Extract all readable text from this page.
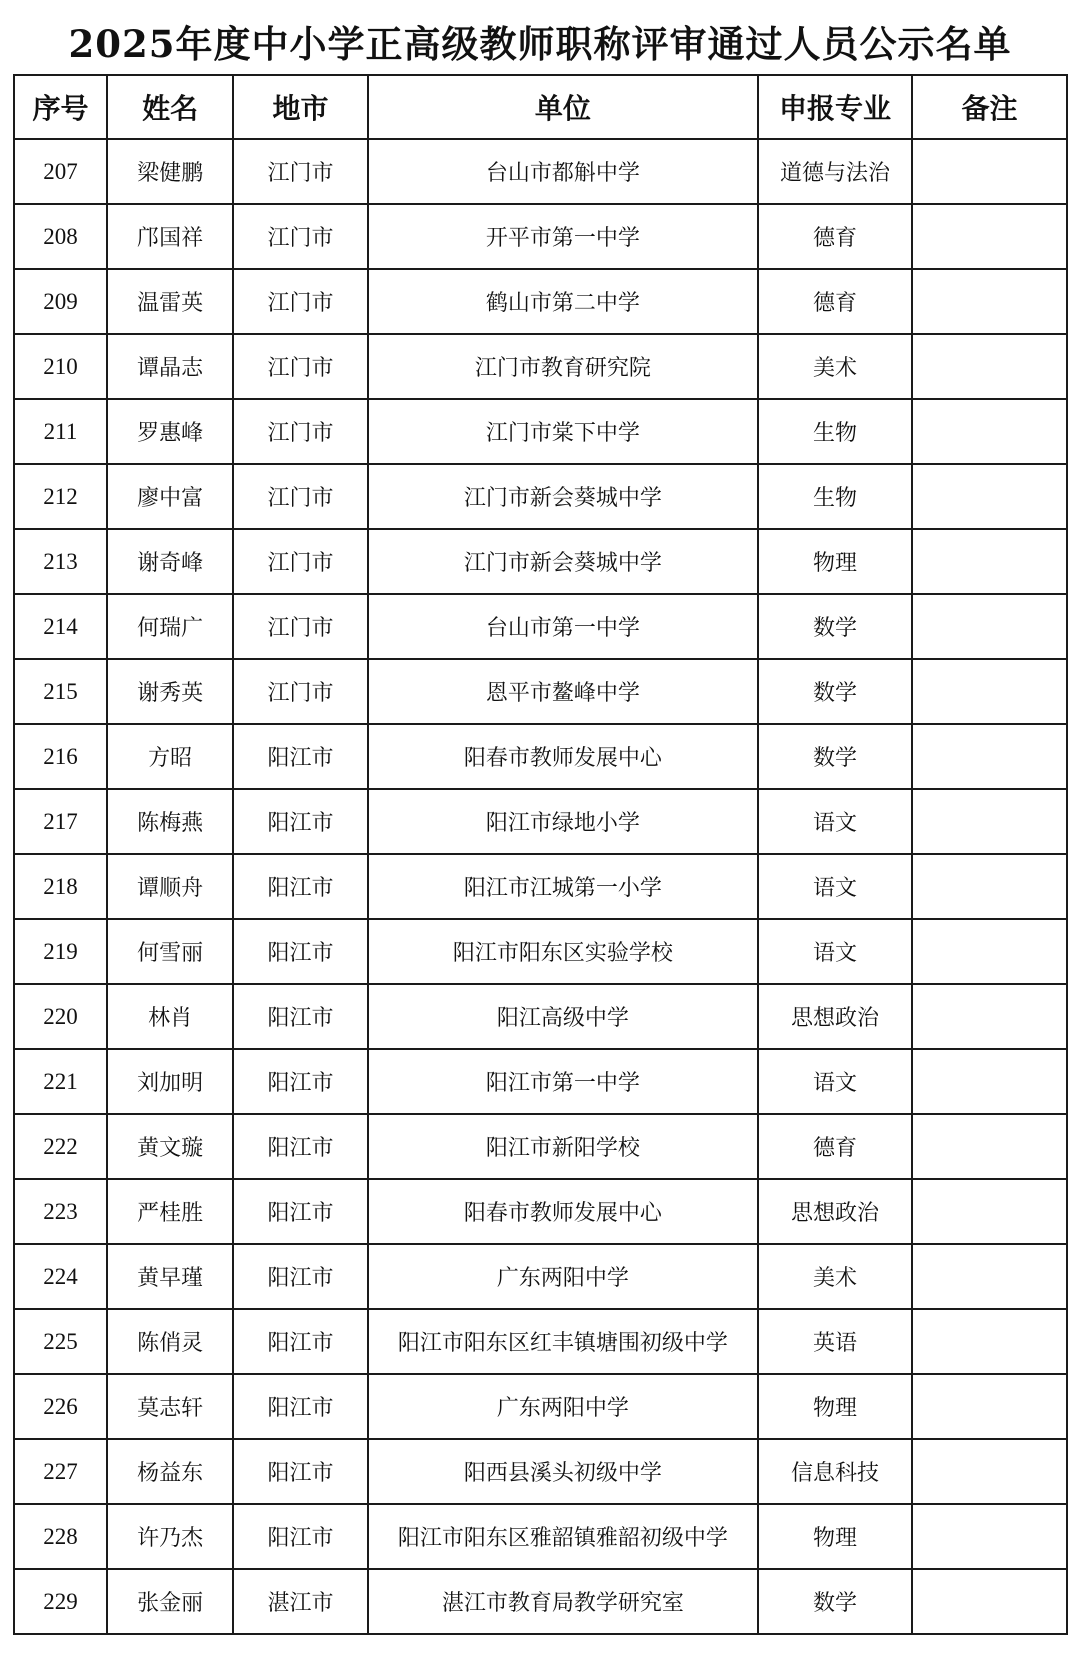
2025年度中小学正高级教师职称评审通过人员公示名单
序号	姓名	地市	单位	申报专业	备注
207	梁健鹏	江门市	台山市都斛中学	道德与法治	
208	邝国祥	江门市	开平市第一中学	德育	
209	温雷英	江门市	鹤山市第二中学	德育	
210	谭晶志	江门市	江门市教育研究院	美术	
211	罗惠峰	江门市	江门市棠下中学	生物	
212	廖中富	江门市	江门市新会葵城中学	生物	
213	谢奇峰	江门市	江门市新会葵城中学	物理	
214	何瑞广	江门市	台山市第一中学	数学	
215	谢秀英	江门市	恩平市鳌峰中学	数学	
216	方昭	阳江市	阳春市教师发展中心	数学	
217	陈梅燕	阳江市	阳江市绿地小学	语文	
218	谭顺舟	阳江市	阳江市江城第一小学	语文	
219	何雪丽	阳江市	阳江市阳东区实验学校	语文	
220	林肖	阳江市	阳江高级中学	思想政治	
221	刘加明	阳江市	阳江市第一中学	语文	
222	黄文璇	阳江市	阳江市新阳学校	德育	
223	严桂胜	阳江市	阳春市教师发展中心	思想政治	
224	黄早瑾	阳江市	广东两阳中学	美术	
225	陈俏灵	阳江市	阳江市阳东区红丰镇塘围初级中学	英语	
226	莫志轩	阳江市	广东两阳中学	物理	
227	杨益东	阳江市	阳西县溪头初级中学	信息科技	
228	许乃杰	阳江市	阳江市阳东区雅韶镇雅韶初级中学	物理	
229	张金丽	湛江市	湛江市教育局教学研究室	数学	
